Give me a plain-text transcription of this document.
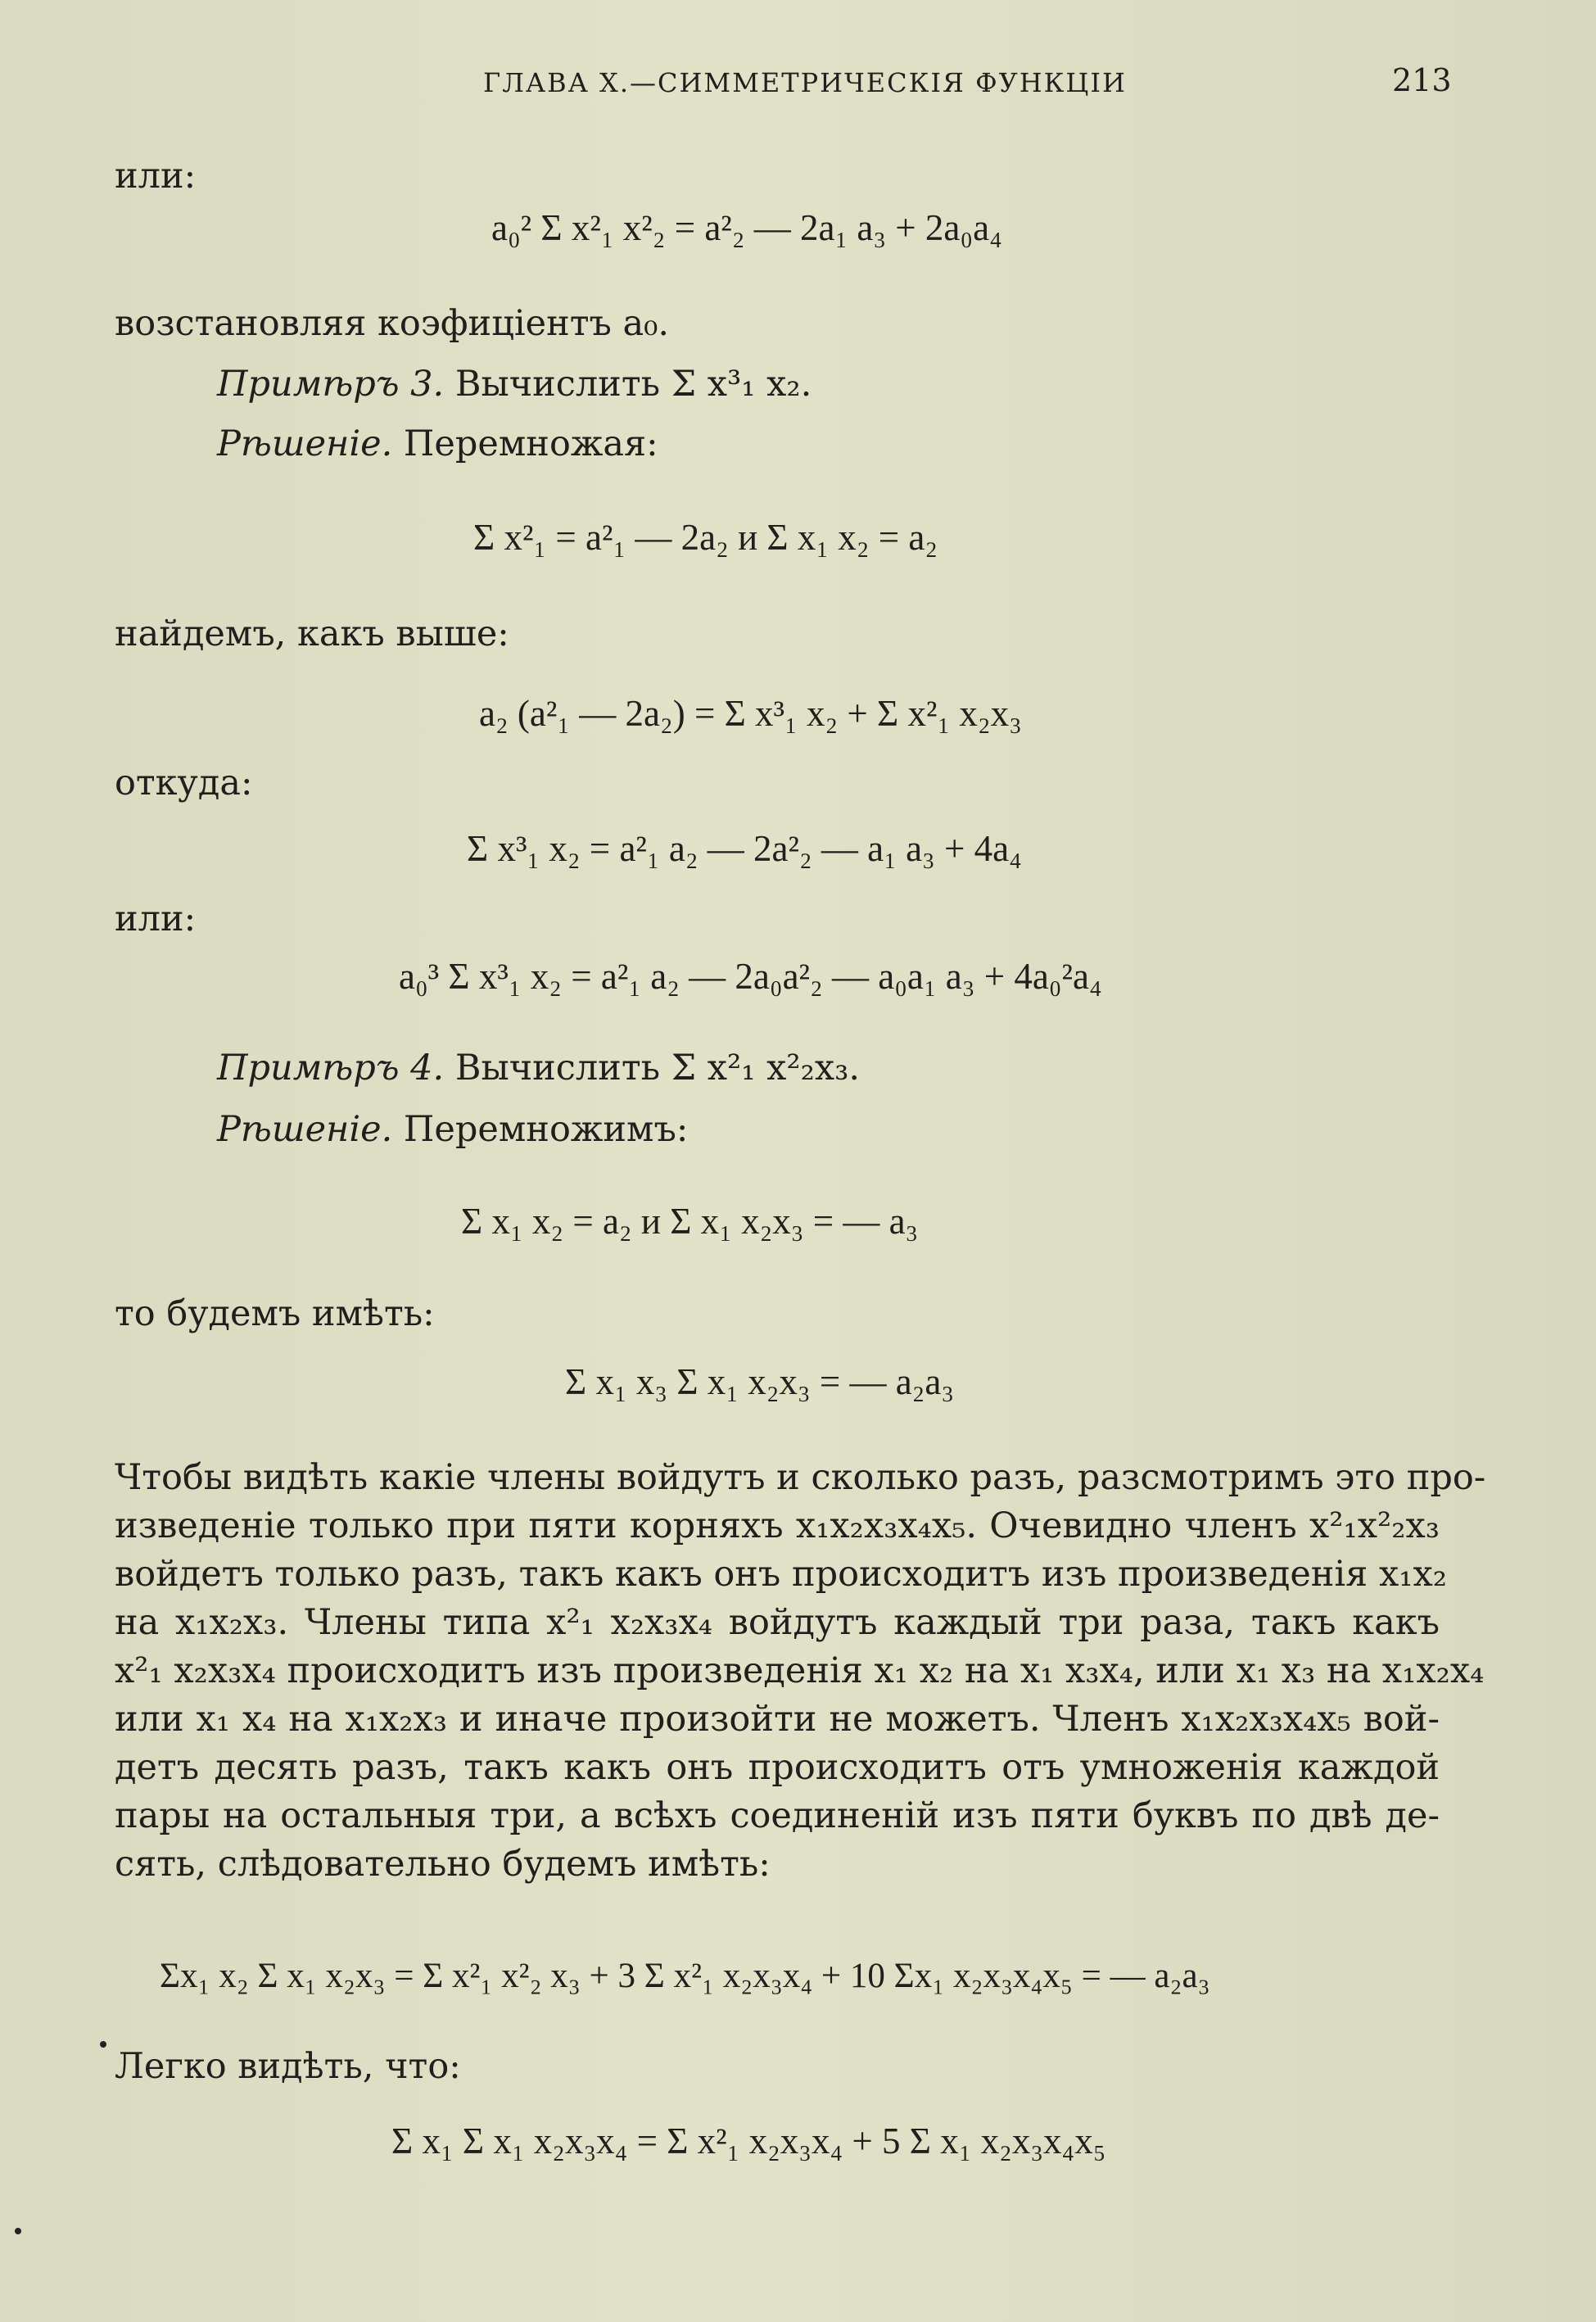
ГЛАВА X.—СИММЕТРИЧЕСКІЯ ФУНКЦІИ	213
или:
a₀² Σ x²₁ x²₂ = a²₂ — 2a₁ a₃ + 2a₀a₄
возстановляя коэфиціентъ a₀.
Примѣръ 3. Вычислить Σ x³₁ x₂.
Рѣшеніе. Перемножая:
Σ x²₁ = a²₁ — 2a₂ и Σ x₁ x₂ = a₂
найдемъ, какъ выше:
a₂ (a²₁ — 2a₂) = Σ x³₁ x₂ + Σ x²₁ x₂x₃
откуда:
Σ x³₁ x₂ = a²₁ a₂ — 2a²₂ — a₁ a₃ + 4a₄
или:
a₀³ Σ x³₁ x₂ = a²₁ a₂ — 2a₀a²₂ — a₀a₁ a₃ + 4a₀²a₄
Примѣръ 4. Вычислить Σ x²₁ x²₂x₃.
Рѣшеніе. Перемножимъ:
Σ x₁ x₂ = a₂ и Σ x₁ x₂x₃ = — a₃
то будемъ имѣть:
Σ x₁ x₃ Σ x₁ x₂x₃ = — a₂a₃
Чтобы видѣть какіе члены войдутъ и сколько разъ, разсмотримъ это про-
изведеніе только при пяти корняхъ x₁x₂x₃x₄x₅. Очевидно членъ x²₁x²₂x₃
войдетъ только разъ, такъ какъ онъ происходитъ изъ произведенія x₁x₂
на x₁x₂x₃. Члены типа x²₁ x₂x₃x₄ войдутъ каждый три раза, такъ какъ
x²₁ x₂x₃x₄ происходитъ изъ произведенія x₁ x₂ на x₁ x₃x₄, или x₁ x₃ на x₁x₂x₄
или x₁ x₄ на x₁x₂x₃ и иначе произойти не можетъ. Членъ x₁x₂x₃x₄x₅ вой-
детъ десять разъ, такъ какъ онъ происходитъ отъ умноженія каждой
пары на остальныя три, а всѣхъ соединеній изъ пяти буквъ по двѣ де-
сять, слѣдовательно будемъ имѣть:
Σx₁ x₂ Σ x₁ x₂x₃ = Σ x²₁ x²₂ x₃ + 3 Σ x²₁ x₂x₃x₄ + 10 Σx₁ x₂x₃x₄x₅ = — a₂a₃
Легко видѣть, что:
Σ x₁ Σ x₁ x₂x₃x₄ = Σ x²₁ x₂x₃x₄ + 5 Σ x₁ x₂x₃x₄x₅
